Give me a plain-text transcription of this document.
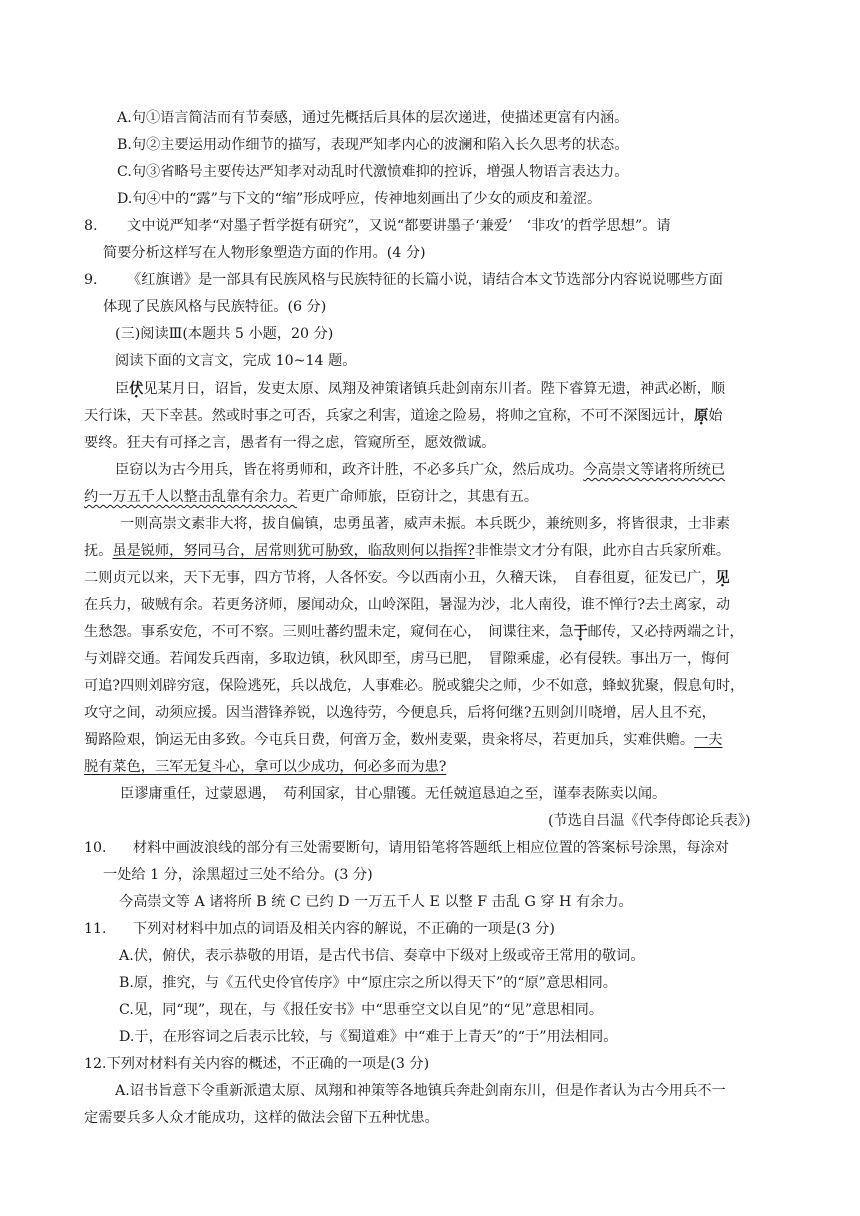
A.句①语言简洁而有节奏感，通过先概括后具体的层次递进，使描述更富有内涵。
B.句②主要运用动作细节的描写，表现严知孝内心的波澜和陷入长久思考的状态。
C.句③省略号主要传达严知孝对动乱时代激愤难抑的控诉，增强人物语言表达力。
D.句④中的“露”与下文的“缩”形成呼应，传神地刻画出了少女的顽皮和羞涩。
8. 文中说严知孝“对墨子哲学挺有研究”，又说“都要讲墨子‘兼爱’　‘非攻’的哲学思想”。请
简要分析这样写在人物形象塑造方面的作用。(4 分)
9. 《红旗谱》是一部具有民族风格与民族特征的长篇小说，请结合本文节选部分内容说说哪些方面
体现了民族风格与民族特征。(6 分)
(三)阅读Ⅲ(本题共 5 小题，20 分)
阅读下面的文言文，完成 10~14 题。
臣伏见某月日，诏旨，发吏太原、凤翔及神策诸镇兵赴剑南东川者。陛下睿算无遗，神武必断，顺
天行诛，天下幸甚。然或时事之可否，兵家之利害，道途之险易，将帅之宜称，不可不深图远计，原始
要终。狂夫有可择之言，愚者有一得之虑，管窥所至，愿效微诚。
臣窃以为古今用兵，皆在将勇师和，政齐计胜，不必多兵广众，然后成功。今高崇文等诸将所统已
约一万五千人以整击乱靠有余力。若更广命师旅，臣窃计之，其患有五。
一则高崇文素非大将，拔自偏镇，忠勇虽著，威声未振。本兵既少，兼统则多，将皆很隶，士非素
抚。虽是锐师，努同马合，居常则犹可胁致，临敌则何以指挥?非惟崇文才分有限，此亦自古兵家所难。
二则贞元以来，天下无事，四方节将，人各怀安。今以西南小丑，久稽天诛，　自春徂夏，征发已广，见
在兵力，破贼有余。若更务济师，屡闻动众，山岭深阻，暑湿为沙，北人南役，谁不惮行?去土离家，动
生愁怨。事系安危，不可不察。三则吐蕃约盟未定，窥伺在心，　间谍往来，急于邮传，又必持两端之计，
与刘辟交通。若闻发兵西南，多取边镇，秋风即至，虏马已肥，　冒隙乘虚，必有侵轶。事出万一，悔何
可追?四则刘辟穷寇，保险逃死，兵以战危，人事难必。脱或貔尖之师，少不如意，蜂蚁犹聚，假息旬时，
攻守之间，动须应援。因当潜锋养锐，以逸待劳，今便息兵，后将何继?五则剑川哓增，居人且不充，
蜀路险艰，饷运无由多致。今屯兵日费，何啻万金，数州麦粟，贵籴将尽，若更加兵，实难供赡。一夫
脱有菜色，三军无复斗心，拿可以少成功，何必多而为患?
臣谬庸重任，过蒙恩遇，　苟利国家，甘心鼎镬。无任兢逭恳迫之至，谨奉表陈卖以闻。
(节选自吕温《代李侍郎论兵表》)
10. 材料中画波浪线的部分有三处需要断句，请用铅笔将答题纸上相应位置的答案标号涂黑，每涂对
一处给 1 分，涂黑超过三处不给分。(3 分)
今高崇文等 A 诸将所 B 统 C 已约 D 一万五千人 E 以整 F 击乱 G 穿 H 有余力。
11. 下列对材料中加点的词语及相关内容的解说，不正确的一项是(3 分)
A.伏，俯伏，表示恭敬的用语，是古代书信、奏章中下级对上级或帝王常用的敬词。
B.原，推究，与《五代史伶官传序》中“原庄宗之所以得天下”的“原”意思相同。
C.见，同“现”，现在，与《报任安书》中“思垂空文以自见”的“见”意思相同。
D.于，在形容词之后表示比较，与《蜀道难》中“难于上青天”的“于”用法相同。
12.下列对材料有关内容的概述，不正确的一项是(3 分)
A.诏书旨意下令重新派遣太原、凤翔和神策等各地镇兵奔赴剑南东川，但是作者认为古今用兵不一
定需要兵多人众才能成功，这样的做法会留下五种忧患。
